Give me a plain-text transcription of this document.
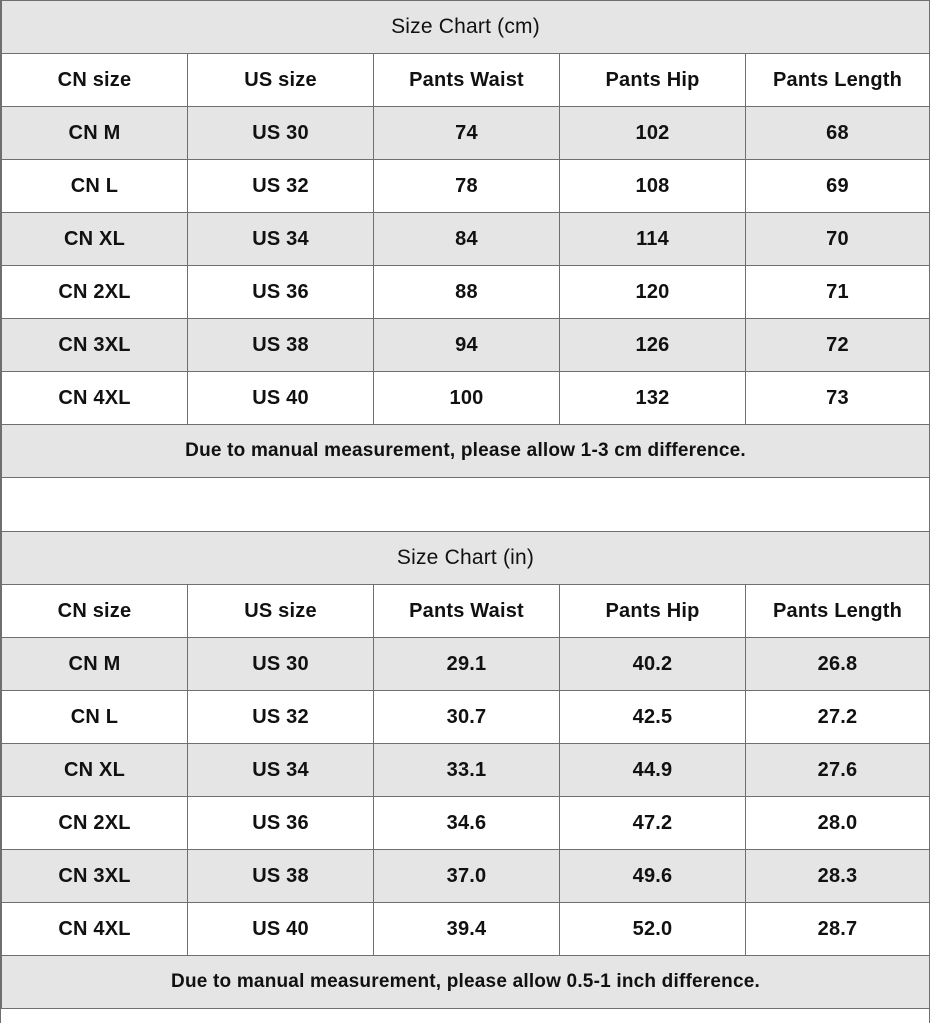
Size Chart (cm)				
CN size	US size	Pants Waist	Pants Hip	Pants Length
CN M	US 30	74	102	68
CN L	US 32	78	108	69
CN XL	US 34	84	114	70
CN 2XL	US 36	88	120	71
CN 3XL	US 38	94	126	72
CN 4XL	US 40	100	132	73
Due to manual measurement, please allow 1-3 cm difference.				

Size Chart (in)				
CN size	US size	Pants Waist	Pants Hip	Pants Length
CN M	US 30	29.1	40.2	26.8
CN L	US 32	30.7	42.5	27.2
CN XL	US 34	33.1	44.9	27.6
CN 2XL	US 36	34.6	47.2	28.0
CN 3XL	US 38	37.0	49.6	28.3
CN 4XL	US 40	39.4	52.0	28.7
Due to manual measurement, please allow 0.5-1 inch difference.				
